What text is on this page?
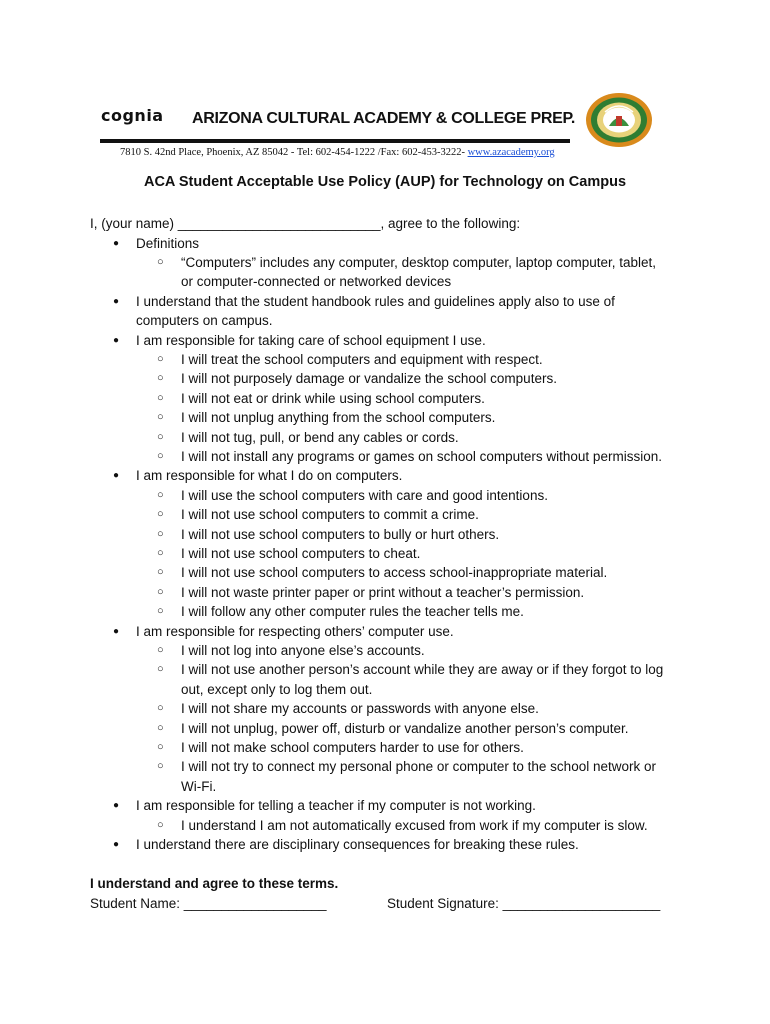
cognia ARIZONA CULTURAL ACADEMY & COLLEGE PREP.
7810 S. 42nd Place, Phoenix, AZ 85042 - Tel: 602-454-1222 /Fax: 602-453-3222- www.azacademy.org
ACA Student Acceptable Use Policy (AUP) for Technology on Campus
I, (your name) ___________________________, agree to the following:
● Definitions
○ “Computers” includes any computer, desktop computer, laptop computer, tablet,
or computer-connected or networked devices
● I understand that the student handbook rules and guidelines apply also to use of
computers on campus.
● I am responsible for taking care of school equipment I use.
○ I will treat the school computers and equipment with respect.
○ I will not purposely damage or vandalize the school computers.
○ I will not eat or drink while using school computers.
○ I will not unplug anything from the school computers.
○ I will not tug, pull, or bend any cables or cords.
○ I will not install any programs or games on school computers without permission.
● I am responsible for what I do on computers.
○ I will use the school computers with care and good intentions.
○ I will not use school computers to commit a crime.
○ I will not use school computers to bully or hurt others.
○ I will not use school computers to cheat.
○ I will not use school computers to access school-inappropriate material.
○ I will not waste printer paper or print without a teacher’s permission.
○ I will follow any other computer rules the teacher tells me.
● I am responsible for respecting others’ computer use.
○ I will not log into anyone else’s accounts.
○ I will not use another person’s account while they are away or if they forgot to log
out, except only to log them out.
○ I will not share my accounts or passwords with anyone else.
○ I will not unplug, power off, disturb or vandalize another person’s computer.
○ I will not make school computers harder to use for others.
○ I will not try to connect my personal phone or computer to the school network or
Wi-Fi.
● I am responsible for telling a teacher if my computer is not working.
○ I understand I am not automatically excused from work if my computer is slow.
● I understand there are disciplinary consequences for breaking these rules.
I understand and agree to these terms.
Student Name: ___________________	Student Signature: _____________________
